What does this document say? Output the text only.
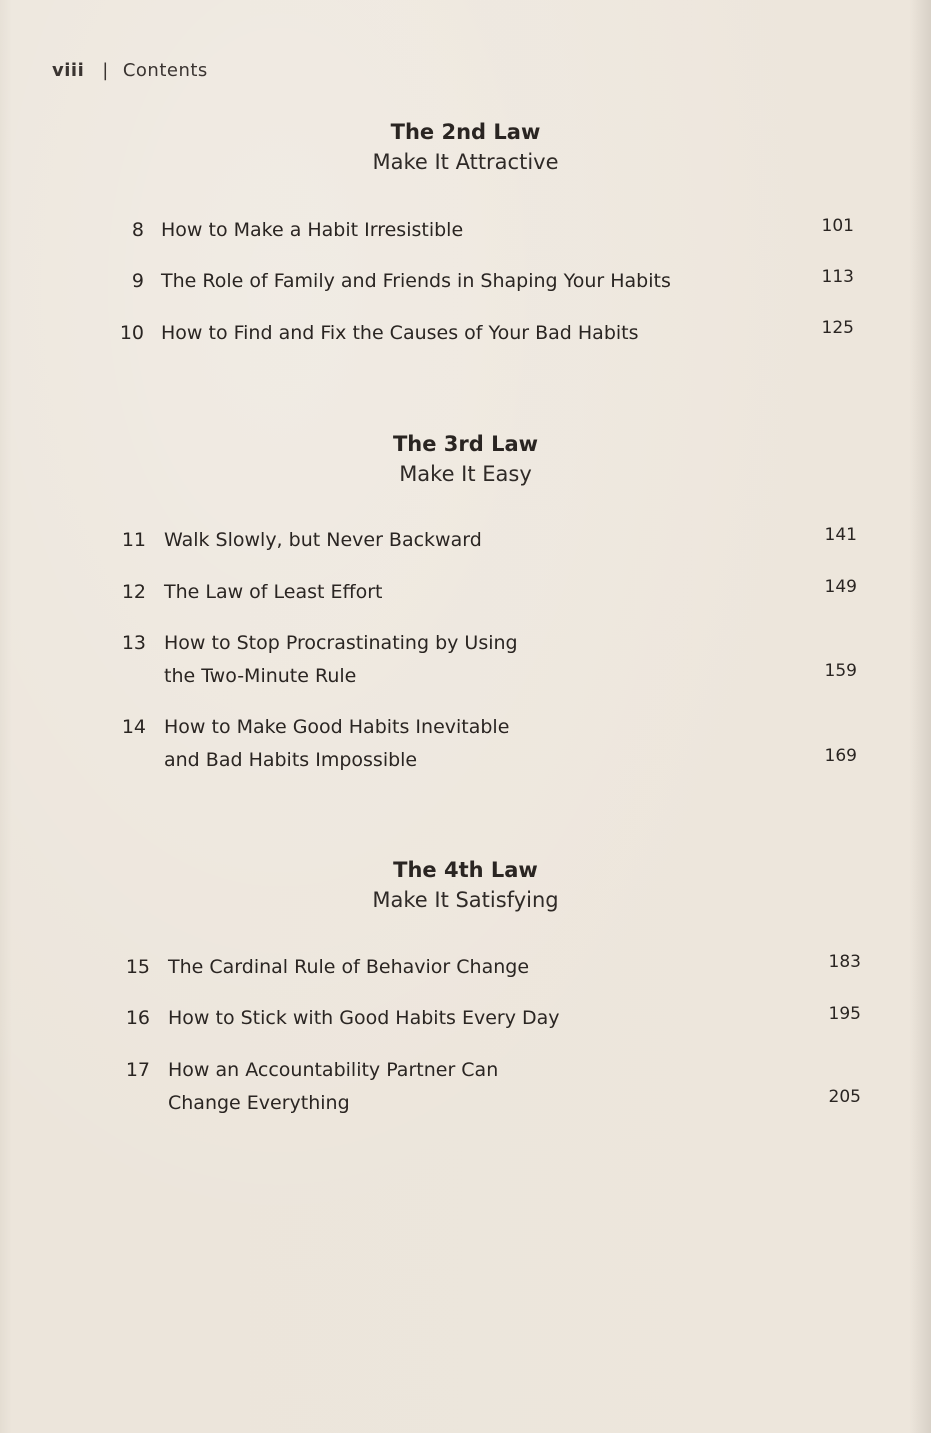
viii | Contents
The 2nd Law
Make It Attractive
8 How to Make a Habit Irresistible	101
9 The Role of Family and Friends in Shaping Your Habits	113
10 How to Find and Fix the Causes of Your Bad Habits	125
The 3rd Law
Make It Easy
11 Walk Slowly, but Never Backward	141
12 The Law of Least Effort	149
13 How to Stop Procrastinating by Using
the Two-Minute Rule	159
14 How to Make Good Habits Inevitable
and Bad Habits Impossible	169
The 4th Law
Make It Satisfying
15 The Cardinal Rule of Behavior Change	183
16 How to Stick with Good Habits Every Day	195
17 How an Accountability Partner Can
Change Everything	205
